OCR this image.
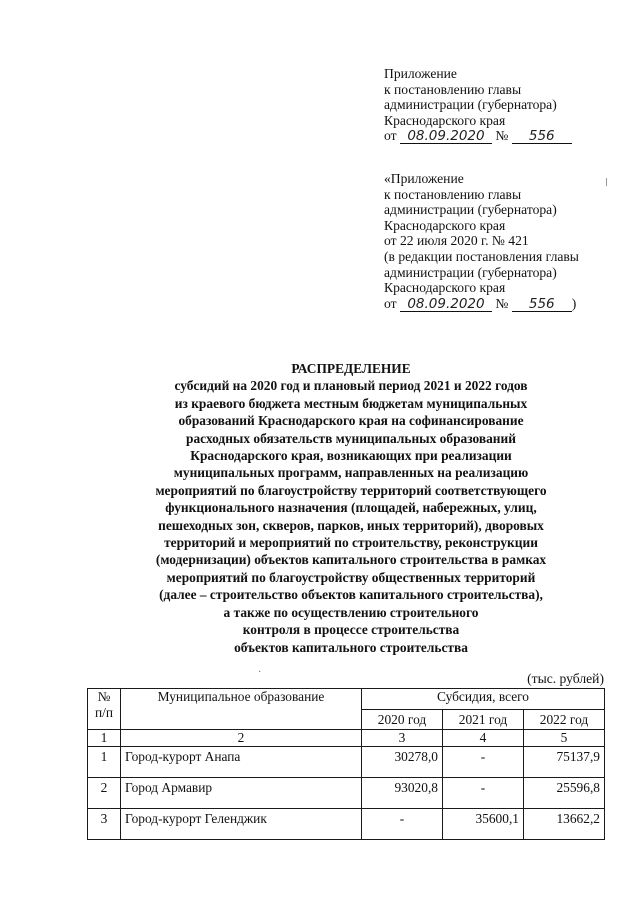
Приложение
к постановлению главы
администрации (губернатора)
Краснодарского края
от 08.09.2020 № 556
«Приложение
к постановлению главы
администрации (губернатора)
Краснодарского края
от 22 июля 2020 г. № 421
(в редакции постановления главы
администрации (губернатора)
Краснодарского края
от 08.09.2020 № 556 )
РАСПРЕДЕЛЕНИЕ
субсидий на 2020 год и плановый период 2021 и 2022 годов
из краевого бюджета местным бюджетам муниципальных
образований Краснодарского края на софинансирование
расходных обязательств муниципальных образований
Краснодарского края, возникающих при реализации
муниципальных программ, направленных на реализацию
мероприятий по благоустройству территорий соответствующего
функционального назначения (площадей, набережных, улиц,
пешеходных зон, скверов, парков, иных территорий), дворовых
территорий и мероприятий по строительству, реконструкции
(модернизации) объектов капитального строительства в рамках
мероприятий по благоустройству общественных территорий
(далее – строительство объектов капитального строительства),
а также по осуществлению строительного
контроля в процессе строительства
объектов капитального строительства
·	(тыс. рублей)
№ п/п	Муниципальное образование	Субсидия, всего		
		2020 год	2021 год	2022 год
1	2	3	4	5
1	Город-курорт Анапа	30278,0	-	75137,9
2	Город Армавир	93020,8	-	25596,8
3	Город-курорт Геленджик	-	35600,1	13662,2
